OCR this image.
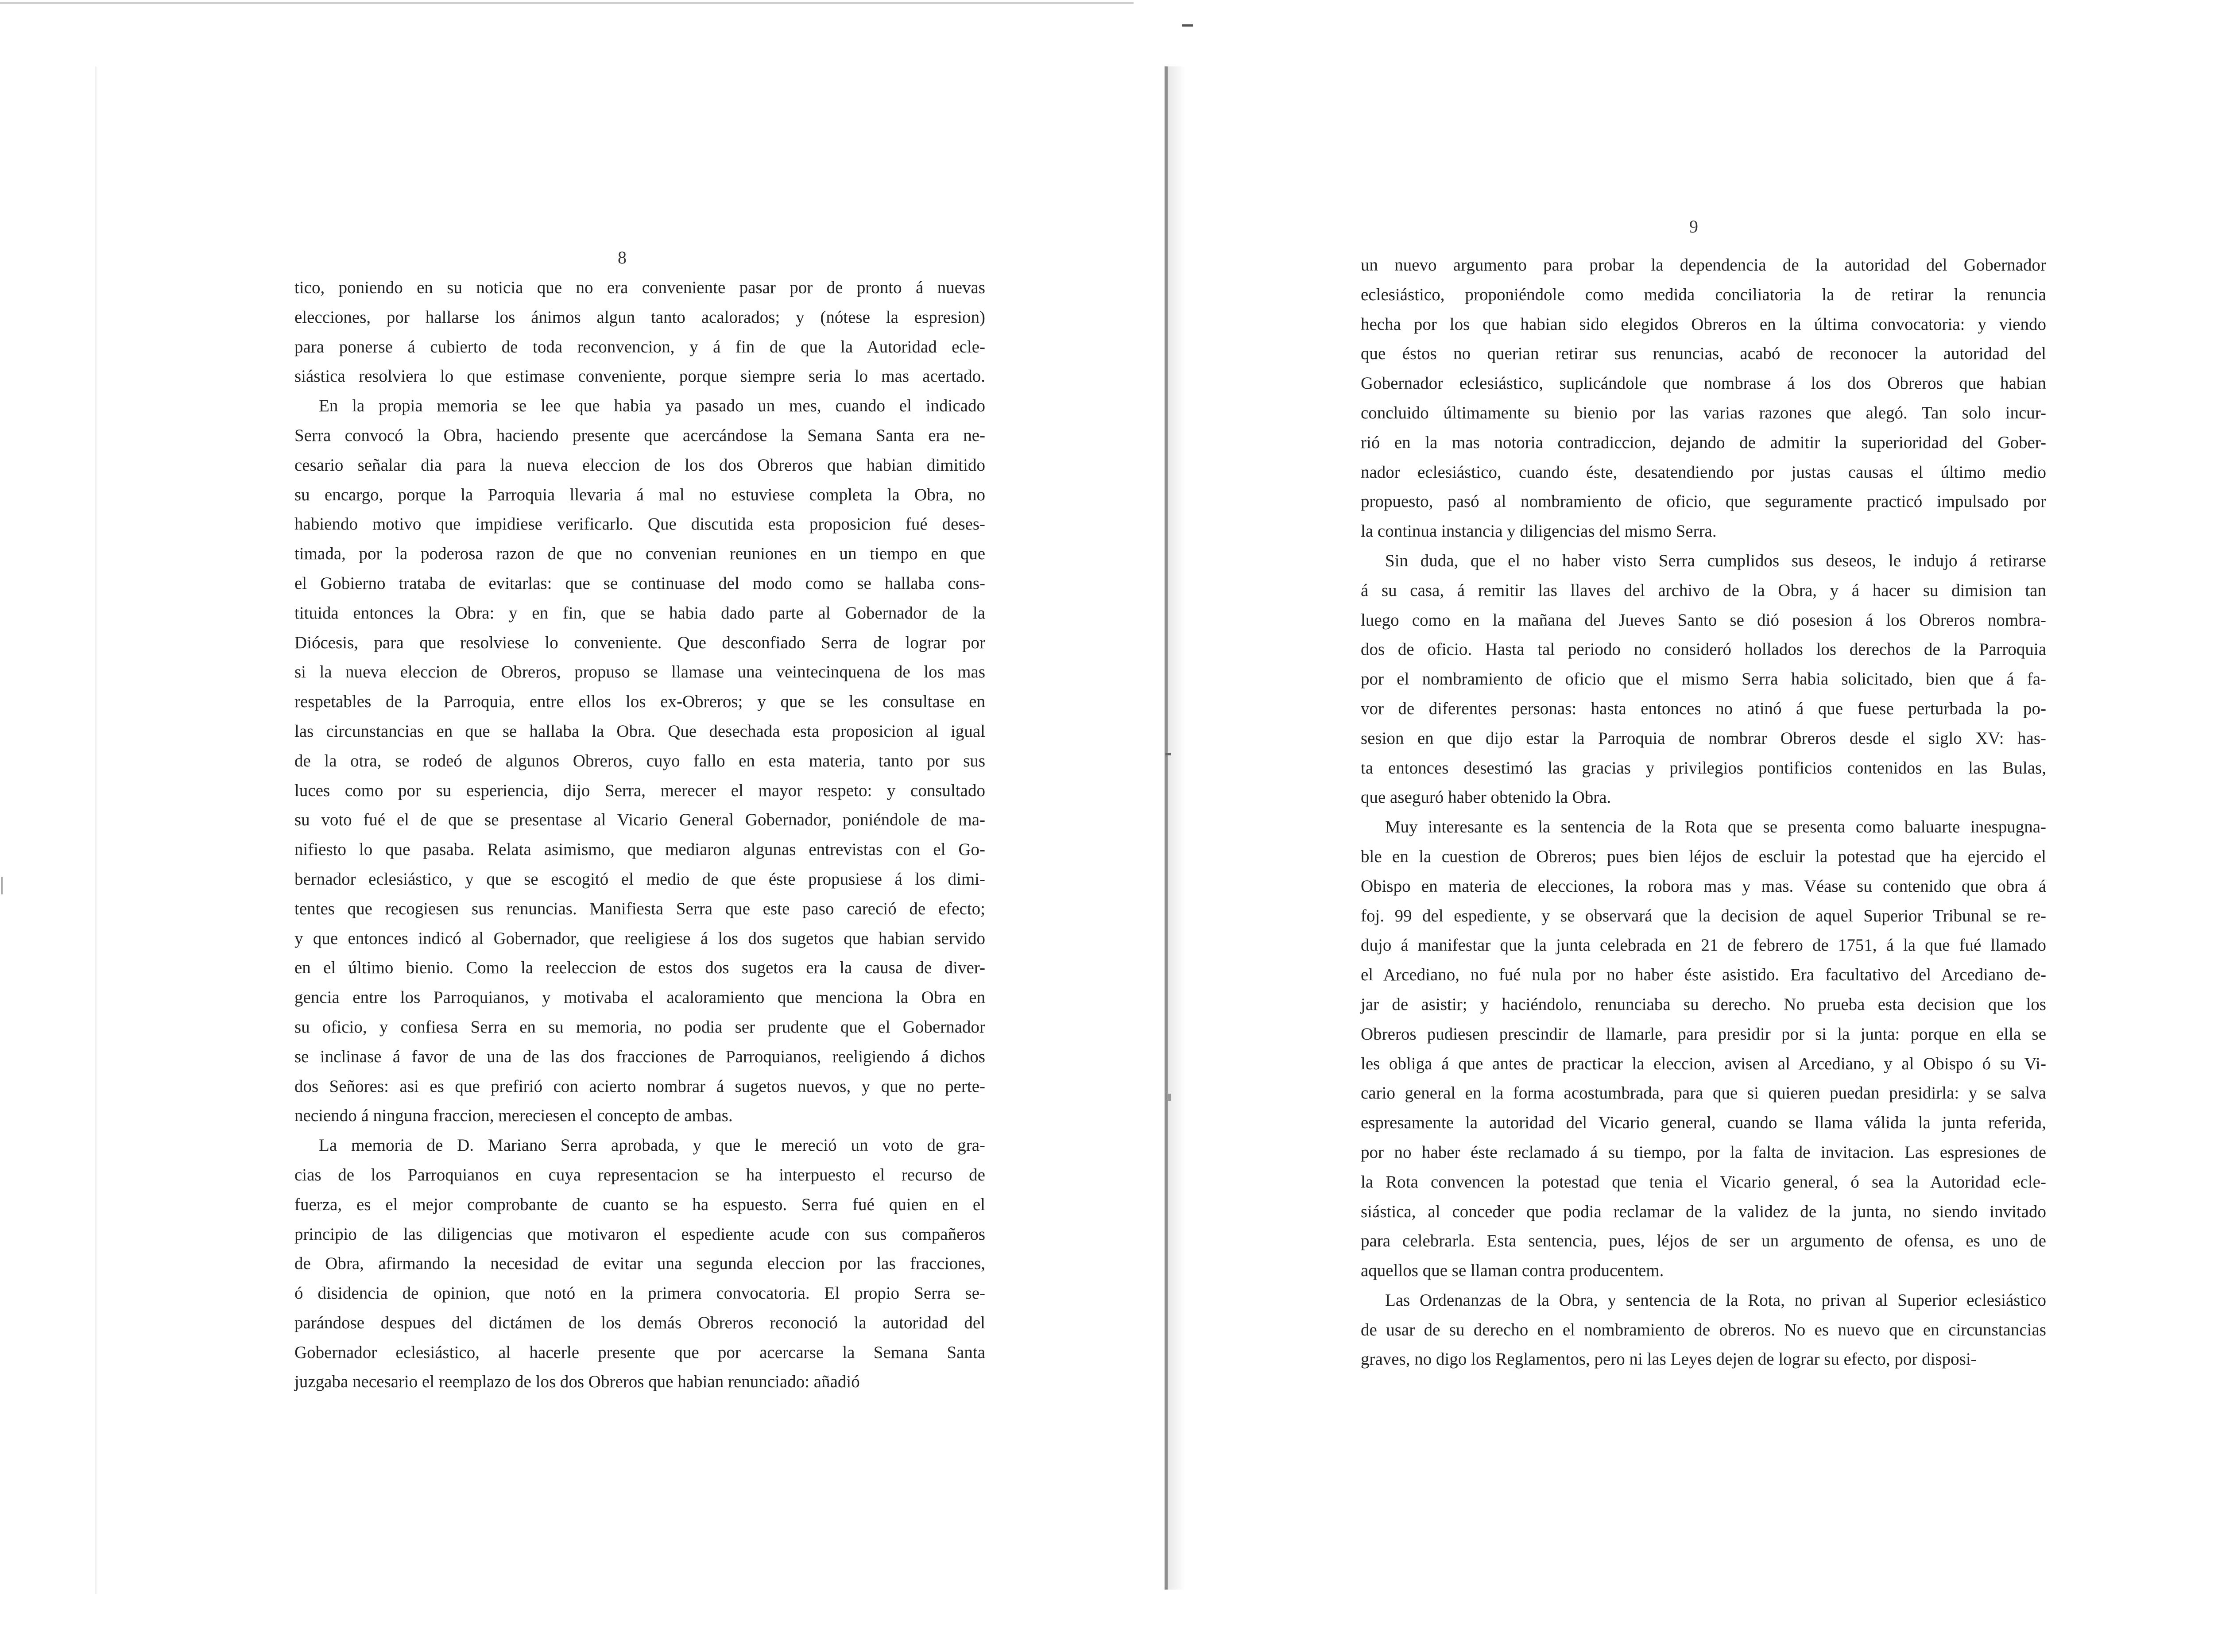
8
tico, poniendo en su noticia que no era conveniente pasar por de pronto á nuevas
elecciones, por hallarse los ánimos algun tanto acalorados; y (nótese la espresion)
para ponerse á cubierto de toda reconvencion, y á fin de que la Autoridad ecle-
siástica resolviera lo que estimase conveniente, porque siempre seria lo mas acertado.
En la propia memoria se lee que habia ya pasado un mes, cuando el indicado
Serra convocó la Obra, haciendo presente que acercándose la Semana Santa era ne-
cesario señalar dia para la nueva eleccion de los dos Obreros que habian dimitido
su encargo, porque la Parroquia llevaria á mal no estuviese completa la Obra, no
habiendo motivo que impidiese verificarlo. Que discutida esta proposicion fué deses-
timada, por la poderosa razon de que no convenian reuniones en un tiempo en que
el Gobierno trataba de evitarlas: que se continuase del modo como se hallaba cons-
tituida entonces la Obra: y en fin, que se habia dado parte al Gobernador de la
Diócesis, para que resolviese lo conveniente. Que desconfiado Serra de lograr por
si la nueva eleccion de Obreros, propuso se llamase una veintecinquena de los mas
respetables de la Parroquia, entre ellos los ex-Obreros; y que se les consultase en
las circunstancias en que se hallaba la Obra. Que desechada esta proposicion al igual
de la otra, se rodeó de algunos Obreros, cuyo fallo en esta materia, tanto por sus
luces como por su esperiencia, dijo Serra, merecer el mayor respeto: y consultado
su voto fué el de que se presentase al Vicario General Gobernador, poniéndole de ma-
nifiesto lo que pasaba. Relata asimismo, que mediaron algunas entrevistas con el Go-
bernador eclesiástico, y que se escogitó el medio de que éste propusiese á los dimi-
tentes que recogiesen sus renuncias. Manifiesta Serra que este paso careció de efecto;
y que entonces indicó al Gobernador, que reeligiese á los dos sugetos que habian servido
en el último bienio. Como la reeleccion de estos dos sugetos era la causa de diver-
gencia entre los Parroquianos, y motivaba el acaloramiento que menciona la Obra en
su oficio, y confiesa Serra en su memoria, no podia ser prudente que el Gobernador
se inclinase á favor de una de las dos fracciones de Parroquianos, reeligiendo á dichos
dos Señores: asi es que prefirió con acierto nombrar á sugetos nuevos, y que no perte-
neciendo á ninguna fraccion, mereciesen el concepto de ambas.
La memoria de D. Mariano Serra aprobada, y que le mereció un voto de gra-
cias de los Parroquianos en cuya representacion se ha interpuesto el recurso de
fuerza, es el mejor comprobante de cuanto se ha espuesto. Serra fué quien en el
principio de las diligencias que motivaron el espediente acude con sus compañeros
de Obra, afirmando la necesidad de evitar una segunda eleccion por las fracciones,
ó disidencia de opinion, que notó en la primera convocatoria. El propio Serra se-
parándose despues del dictámen de los demás Obreros reconoció la autoridad del
Gobernador eclesiástico, al hacerle presente que por acercarse la Semana Santa
juzgaba necesario el reemplazo de los dos Obreros que habian renunciado: añadió
9
un nuevo argumento para probar la dependencia de la autoridad del Gobernador
eclesiástico, proponiéndole como medida conciliatoria la de retirar la renuncia
hecha por los que habian sido elegidos Obreros en la última convocatoria: y viendo
que éstos no querian retirar sus renuncias, acabó de reconocer la autoridad del
Gobernador eclesiástico, suplicándole que nombrase á los dos Obreros que habian
concluido últimamente su bienio por las varias razones que alegó. Tan solo incur-
rió en la mas notoria contradiccion, dejando de admitir la superioridad del Gober-
nador eclesiástico, cuando éste, desatendiendo por justas causas el último medio
propuesto, pasó al nombramiento de oficio, que seguramente practicó impulsado por
la continua instancia y diligencias del mismo Serra.
Sin duda, que el no haber visto Serra cumplidos sus deseos, le indujo á retirarse
á su casa, á remitir las llaves del archivo de la Obra, y á hacer su dimision tan
luego como en la mañana del Jueves Santo se dió posesion á los Obreros nombra-
dos de oficio. Hasta tal periodo no consideró hollados los derechos de la Parroquia
por el nombramiento de oficio que el mismo Serra habia solicitado, bien que á fa-
vor de diferentes personas: hasta entonces no atinó á que fuese perturbada la po-
sesion en que dijo estar la Parroquia de nombrar Obreros desde el siglo XV: has-
ta entonces desestimó las gracias y privilegios pontificios contenidos en las Bulas,
que aseguró haber obtenido la Obra.
Muy interesante es la sentencia de la Rota que se presenta como baluarte inespugna-
ble en la cuestion de Obreros; pues bien léjos de escluir la potestad que ha ejercido el
Obispo en materia de elecciones, la robora mas y mas. Véase su contenido que obra á
foj. 99 del espediente, y se observará que la decision de aquel Superior Tribunal se re-
dujo á manifestar que la junta celebrada en 21 de febrero de 1751, á la que fué llamado
el Arcediano, no fué nula por no haber éste asistido. Era facultativo del Arcediano de-
jar de asistir; y haciéndolo, renunciaba su derecho. No prueba esta decision que los
Obreros pudiesen prescindir de llamarle, para presidir por si la junta: porque en ella se
les obliga á que antes de practicar la eleccion, avisen al Arcediano, y al Obispo ó su Vi-
cario general en la forma acostumbrada, para que si quieren puedan presidirla: y se salva
espresamente la autoridad del Vicario general, cuando se llama válida la junta referida,
por no haber éste reclamado á su tiempo, por la falta de invitacion. Las espresiones de
la Rota convencen la potestad que tenia el Vicario general, ó sea la Autoridad ecle-
siástica, al conceder que podia reclamar de la validez de la junta, no siendo invitado
para celebrarla. Esta sentencia, pues, léjos de ser un argumento de ofensa, es uno de
aquellos que se llaman contra producentem.
Las Ordenanzas de la Obra, y sentencia de la Rota, no privan al Superior eclesiástico
de usar de su derecho en el nombramiento de obreros. No es nuevo que en circunstancias
graves, no digo los Reglamentos, pero ni las Leyes dejen de lograr su efecto, por disposi-
